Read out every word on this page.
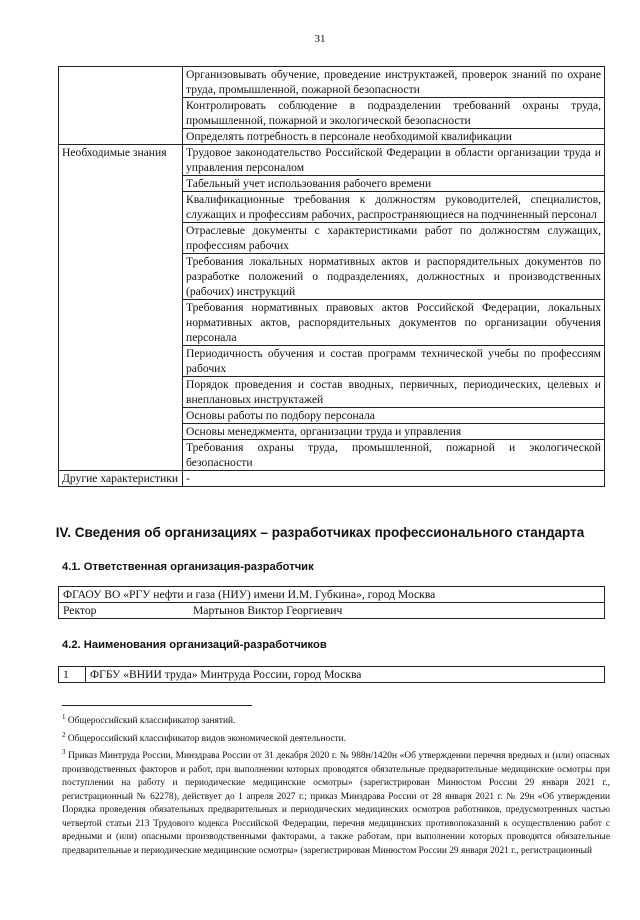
31
	Организовывать обучение, проведение инструктажей, проверок знаний по охране труда, промышленной, пожарной безопасности
	Контролировать соблюдение в подразделении требований охраны труда, промышленной, пожарной и экологической безопасности
	Определять потребность в персонале необходимой квалификации
Необходимые знания	Трудовое законодательство Российской Федерации в области организации труда и управления персоналом
	Табельный учет использования рабочего времени
	Квалификационные требования к должностям руководителей, специалистов, служащих и профессиям рабочих, распространяющиеся на подчиненный персонал
	Отраслевые документы с характеристиками работ по должностям служащих, профессиям рабочих
	Требования локальных нормативных актов и распорядительных документов по разработке положений о подразделениях, должностных и производственных (рабочих) инструкций
	Требования нормативных правовых актов Российской Федерации, локальных нормативных актов, распорядительных документов по организации обучения персонала
	Периодичность обучения и состав программ технической учебы по профессиям рабочих
	Порядок проведения и состав вводных, первичных, периодических, целевых и внеплановых инструктажей
	Основы работы по подбору персонала
	Основы менеджмента, организации труда и управления
	Требования охраны труда, промышленной, пожарной и экологической безопасности
Другие характеристики	-
IV. Сведения об организациях – разработчиках профессионального стандарта
4.1. Ответственная организация-разработчик
ФГАОУ ВО «РГУ нефти и газа (НИУ) имени И.М. Губкина», город Москва
Ректор	Мартынов Виктор Георгиевич
4.2. Наименования организаций-разработчиков
1	ФГБУ «ВНИИ труда» Минтруда России, город Москва

$^1$ Общероссийский классификатор занятий.

$^2$ Общероссийский классификатор видов экономической деятельности.

$^3$ Приказ Минтруда России, Минздрава России от 31 декабря 2020 г. № 988н/1420н «Об утверждении перечня вредных и (или) опасных производственных факторов и работ, при выполнении которых проводятся обязательные предварительные медицинские осмотры при поступлении на работу и периодические медицинские осмотры» (зарегистрирован Минюстом России 29 января 2021 г., регистрационный № 62278), действует до 1 апреля 2027 г.; приказ Минздрава России от 28 января 2021 г. № 29н «Об утверждении Порядка проведения обязательных предварительных и периодических медицинских осмотров работников, предусмотренных частью четвертой статьи 213 Трудового кодекса Российской Федерации, перечня медицинских противопоказаний к осуществлению работ с вредными и (или) опасными производственными факторами, а также работам, при выполнении которых проводятся обязательные предварительные и периодические медицинские осмотры» (зарегистрирован Минюстом России 29 января 2021 г., регистрационный
